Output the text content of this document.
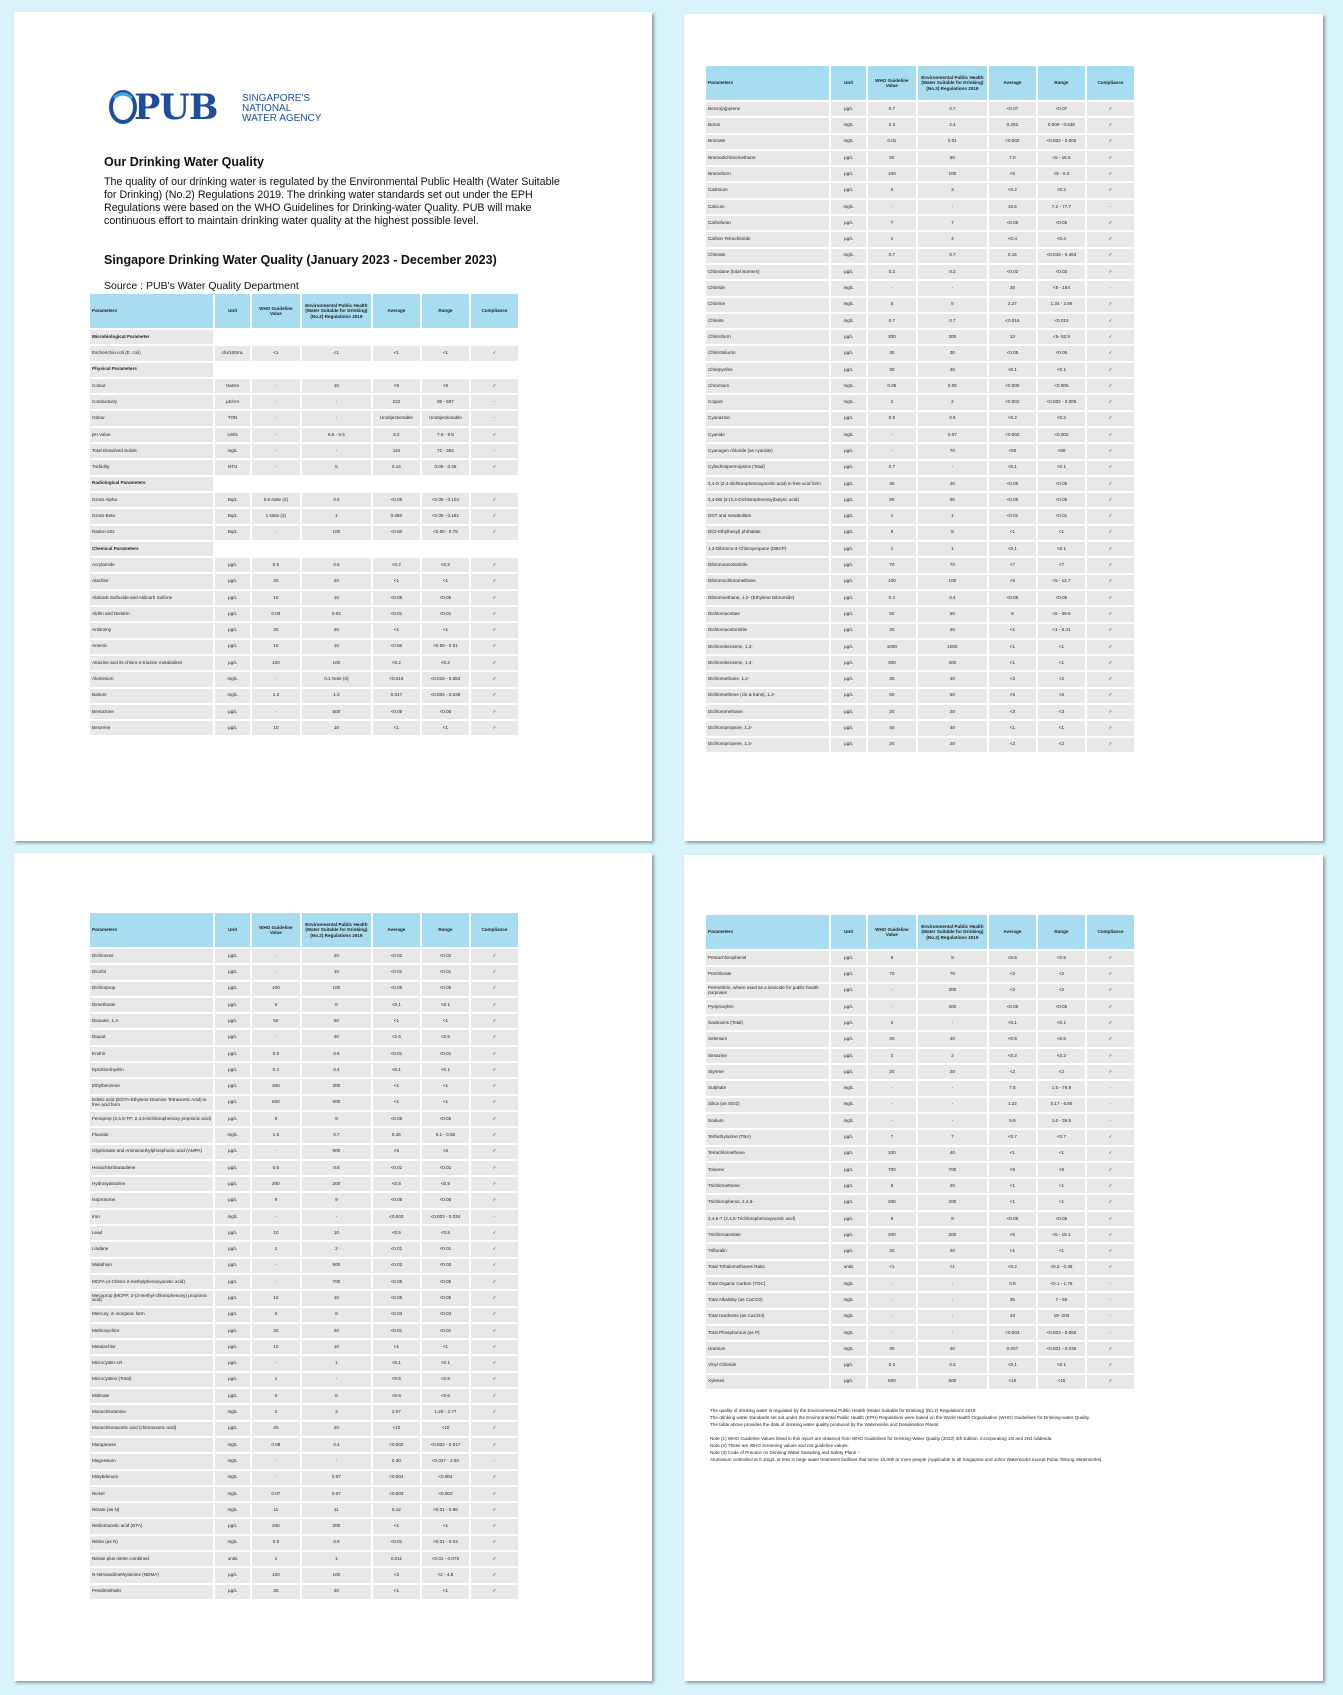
PUB SINGAPORE'S
NATIONAL
WATER AGENCY
Our Drinking Water Quality
The quality of our drinking water is regulated by the Environmental Public Health (Water Suitable for Drinking) (No.2) Regulations 2019. The drinking water standards set out under the EPH Regulations were based on the WHO Guidelines for Drinking-water Quality. PUB will make continuous effort to maintain drinking water quality at the highest possible level.
Singapore Drinking Water Quality (January 2023 - December 2023)
Source : PUB's Water Quality Department
Parameters	Unit	WHO Guideline Value	Environmental Public Health (Water Suitable for Drinking) (No.2) Regulations 2019	Average	Range	Compliance
Microbiological Parameter						
Escherichia coli (E. coli)	cfu/100mL	<1	<1	<1	<1	✓
Physical Parameters						
Colour	Hazen	-	15	<5	<5	✓
Conductivity	µS/cm	-	-	222	95 - 587	-
Odour	TON	-	-	Unobjectionable	Unobjectionable	-
pH Value	Units	-	6.5 - 9.5	8.2	7.8 - 8.8	✓
Total Dissolved Solids	mg/L	-	-	110	72 - 354	-
Turbidity	NTU	-	5	0.14	0.05 - 0.45	✓
Radiological Parameters						
Gross Alpha	Bq/L	0.5 Note (2)	0.5	<0.05	<0.05 - 0.104	✓
Gross Beta	Bq/L	1 Note (2)	1	0.080	<0.05 - 0.181	✓
Radon-222	Bq/L	-	100	<0.60	<0.60 - 0.79	✓
Chemical Parameters						
Acrylamide	µg/L	0.5	0.5	<0.2	<0.2	✓
Alachlor	µg/L	20	20	<1	<1	✓
Aldicarb Sulfoxide and Aldicarb Sulfone	µg/L	10	10	<0.05	<0.05	✓
Aldrin and Dieldrin	µg/L	0.03	0.03	<0.01	<0.01	✓
Antimony	µg/L	20	20	<1	<1	✓
Arsenic	µg/L	10	10	<0.50	<0.50 - 0.61	✓
Atrazine and its chloro-s-triazine metabolites	µg/L	100	100	<0.2	<0.2	✓
Aluminium	mg/L	-	0.1 Note (3)	<0.019	<0.019 - 0.083	✓
Barium	mg/L	1.3	1.3	0.017	<0.004 - 0.038	✓
Bentazone	µg/L	-	500	<0.05	<0.05	✓
Benzene	µg/L	10	10	<1	<1	✓
Parameters	Unit	WHO Guideline Value	Environmental Public Health (Water Suitable for Drinking) (No.2) Regulations 2019	Average	Range	Compliance
Benzo[a]pyrene	µg/L	0.7	0.7	<0.07	<0.07	✓
Boron	mg/L	2.4	2.4	0.292	0.009 - 0.536	✓
Bromate	mg/L	0.01	0.01	<0.002	<0.002 - 0.005	✓
Bromodichloromethane	µg/L	60	60	7.0	<5 - 16.5	✓
Bromoform	µg/L	100	100	<5	<5 - 9.3	✓
Cadmium	µg/L	3	3	<0.2	<0.2	✓
Calcium	mg/L	-	-	16.5	7.2 - 77.7	-
Carbofuran	µg/L	7	7	<0.05	<0.05	✓
Carbon Tetrachloride	µg/L	4	4	<0.4	<0.4	✓
Chlorate	mg/L	0.7	0.7	0.15	<0.043 - 0.463	✓
Chlordane (total isomers)	µg/L	0.2	0.2	<0.02	<0.02	✓
Chloride	mg/L	-	-	28	<5 - 154	-
Chlorine	mg/L	5	5	2.27	1.34 - 2.86	✓
Chlorite	mg/L	0.7	0.7	<0.015	<0.015	✓
Chloroform	µg/L	300	300	13	<5- 52.9	✓
Chlorotoluron	µg/L	30	30	<0.05	<0.05	✓
Chlorpyrifos	µg/L	30	30	<0.1	<0.1	✓
Chromium	mg/L	0.05	0.05	<0.005	<0.005	✓
Copper	mg/L	2	2	<0.002	<0.002 - 0.005	✓
Cyanazine	µg/L	0.6	0.6	<0.2	<0.2	✓
Cyanide	mg/L	-	0.07	<0.002	<0.002	✓
Cyanogen chloride (as cyanide)	µg/L	-	70	<50	<50	✓
Cylindrospermopsins (Total)	µg/L	0.7	-	<0.1	<0.1	✓
2,4-D (2,4-dichlorophenoxyacetic acid) in free acid form	µg/L	30	30	<0.05	<0.05	✓
2,4-DB [4-(2,4-Dichlorophenoxy)butyric acid]	µg/L	90	90	<0.05	<0.05	✓
DDT and metabolites	µg/L	1	1	<0.01	<0.01	✓
Di(2-Ethylhexyl) phthalate	µg/L	8	8	<1	<1	✓
1,2-Dibromo-3-Chloropropane (DBCP)	µg/L	1	1	<0.1	<0.1	✓
Dibromoacetonitrile	µg/L	70	70	<7	<7	✓
Dibromochloromethane	µg/L	100	100	<5	<5 - 12.7	✓
Dibromoethane, 1,2- (Ethylene Dibromide)	µg/L	0.4	0.4	<0.05	<0.05	✓
Dichloroacetate	µg/L	50	50	9	<5 - 39.6	✓
Dichloroacetonitrile	µg/L	20	20	<1	<1 - 6.41	✓
Dichlorobenzene, 1,2-	µg/L	1000	1000	<1	<1	✓
Dichlorobenzene, 1,4-	µg/L	300	300	<1	<1	✓
Dichloroethane, 1,2-	µg/L	30	30	<2	<2	✓
Dichloroethene (cis & trans), 1,2-	µg/L	50	50	<5	<5	✓
Dichloromethane	µg/L	20	20	<3	<3	✓
Dichloropropane, 1,2-	µg/L	40	40	<1	<1	✓
Dichloropropene, 1,3-	µg/L	20	20	<2	<2	✓
Parameters	Unit	WHO Guideline Value	Environmental Public Health (Water Suitable for Drinking) (No.2) Regulations 2019	Average	Range	Compliance
Dichlorvos	µg/L	-	20	<0.02	<0.02	✓
Dicofol	µg/L	-	10	<0.01	<0.01	✓
Dichlorprop	µg/L	100	100	<0.05	<0.05	✓
Dimethoate	µg/L	6	6	<0.1	<0.1	✓
Dioxane, 1,4-	µg/L	50	50	<1	<1	✓
Diquat	µg/L	-	30	<2.5	<2.5	✓
Endrin	µg/L	0.6	0.6	<0.01	<0.01	✓
Epichlorohydrin	µg/L	0.4	0.4	<0.1	<0.1	✓
Ethylbenzene	µg/L	300	300	<1	<1	✓
Edetic acid (EDTA-Ethylene Diamine Tetraacetic Acid) in free acid form	µg/L	600	600	<1	<1	✓
Fenoprop (2,4,5-TP; 2,4,5-trichlorophenoxy propionic acid)	µg/L	9	9	<0.05	<0.05	✓
Fluoride	mg/L	1.5	0.7	0.45	0.1 - 0.55	✓
Glyphosate and Aminomethylphosphonic acid (AMPA)	µg/L	-	900	<5	<5	✓
Hexachlorobutadiene	µg/L	0.6	0.6	<0.01	<0.01	✓
Hydroxyatrazine	µg/L	200	200	<0.5	<0.5	✓
Isoproturon	µg/L	9	9	<0.05	<0.05	✓
Iron	mg/L	-	-	<0.003	<0.003 - 0.034	-
Lead	µg/L	10	10	<0.5	<0.5	✓
Lindane	µg/L	2	2	<0.01	<0.01	✓
Malathion	µg/L	-	900	<0.02	<0.02	✓
MCPA (4-Chloro-2-methylphenoxyacetic acid)	µg/L	-	700	<0.05	<0.05	✓
Mecoprop [MCPP; 2-(2-methyl-chlorophenoxy) propionic acid]	µg/L	10	10	<0.05	<0.05	✓
Mercury, in inorganic form	µg/L	6	6	<0.03	<0.03	✓
Methoxychlor	µg/L	20	20	<0.01	<0.01	✓
Metolachlor	µg/L	10	10	<1	<1	✓
Microcystin-LR	µg/L	-	1	<0.1	<0.1	✓
Microcystins (Total)	µg/L	1	-	<0.5	<0.5	✓
Molinate	µg/L	6	6	<0.6	<0.6	✓
Monochloramine	mg/L	3	3	2.07	1.25 - 2.77	✓
Monochloroacetic acid (chloroacetic acid)	µg/L	20	20	<10	<10	✓
Manganese	mg/L	0.08	0.4	<0.002	<0.002 - 0.017	✓
Magnesium	mg/L	-	-	0.30	<0.027 - 2.50	-
Molybdenum	mg/L	-	0.07	<0.004	<0.004	✓
Nickel	mg/L	0.07	0.07	<0.003	<0.003	✓
Nitrate (as N)	mg/L	11	11	0.12	<0.01 - 0.88	✓
Nitrilotriacetic acid (NTA)	µg/L	200	200	<1	<1	✓
Nitrite (as N)	mg/L	0.9	0.9	<0.01	<0.01 - 0.03	✓
Nitrate plus nitrite combined	units	1	1	0.011	<0.01 - 0.078	✓
N-Nitrosodimethylamine (NDMA)	µg/L	100	100	<2	<2 - 4.8	✓
Pendimethalin	µg/L	20	20	<1	<1	✓
Parameters	Unit	WHO Guideline Value	Environmental Public Health (Water Suitable for Drinking) (No.2) Regulations 2019	Average	Range	Compliance
Pentachlorophenol	µg/L	9	9	<0.5	<0.5	✓
Perchlorate	µg/L	70	70	<2	<2	✓
Permethrin, where used as a larvicide for public health purposes	µg/L	-	300	<2	<2	✓
Pyriproxyfen	µg/L	-	300	<0.05	<0.05	✓
Saxitoxins (Total)	µg/L	3	-	<0.1	<0.1	✓
Selenium	µg/L	40	40	<0.5	<0.5	✓
Simazine	µg/L	2	2	<0.2	<0.2	✓
Styrene	µg/L	20	20	<2	<2	✓
Sulphate	mg/L	-	-	7.5	1.5 - 76.9	-
Silica (as SiO2)	mg/L	-	-	1.22	0.17 - 6.85	-
Sodium	mg/L	-	-	9.9	1.6 - 36.5	-
Terbuthylazine (TBA)	µg/L	7	7	<0.7	<0.7	✓
Tetrachloroethene	µg/L	100	40	<1	<1	✓
Toluene	µg/L	700	700	<5	<5	✓
Trichloroethene	µg/L	8	20	<1	<1	✓
Trichlorophenol, 2,4,6-	µg/L	200	200	<1	<1	✓
2,4,5-T (2,4,5-Trichlorophenoxyacetic acid)	µg/L	9	9	<0.05	<0.05	✓
Trichloroacetate	µg/L	200	200	<5	<5 - 19.1	✓
Trifluralin	µg/L	20	20	<1	<1	✓
Total Trihalomethanes Ratio	units	<1	<1	<0.2	<0.2 - 0.45	✓
Total Organic Carbon (TOC)	mg/L	-	-	0.9	<0.1 - 1.75	-
Total Alkalinity (as CaCO3)	mg/L	-	-	35	7 - 66	-
Total Hardness (as CaCO3)	mg/L	-	-	43	19- 203	-
Total Phosphorous (as P)	mg/L	-	-	<0.003	<0.003 - 0.055	-
Uranium	mg/L	30	30	0.007	<0.001 - 0.035	✓
Vinyl Chloride	µg/L	0.3	0.3	<0.1	<0.1	✓
Xylenes	µg/L	500	500	<15	<15	✓
The quality of drinking water is regulated by the Environmental Public Health (Water Suitable for Drinking) (No.2) Regulations 2019.
The drinking water standards set out under the Environmental Public Health (EPH) Regulations were based on the World Health Organisation (WHO) Guidelines for Drinking-water Quality.
The table above provides the data of drinking water quality produced by the Waterworks and Desalination Plants.
Note (1) WHO Guideline Values listed in this report are obtained from WHO Guidelines for Drinking-Water Quality (2022) 4th Edition, incorporating 1st and 2nd Addenda
Note (2) These are WHO screening values and not guideline values.
Note (3) Code of Practice on Drinking Water Sampling and Safety Plans :-
Aluminium controlled at 0.1mg/L or less in large water treatment facilities that serve 10,000 or more people (Applicable to all Singapore and Johor Waterworks except Pulau Tekong Waterworks).
